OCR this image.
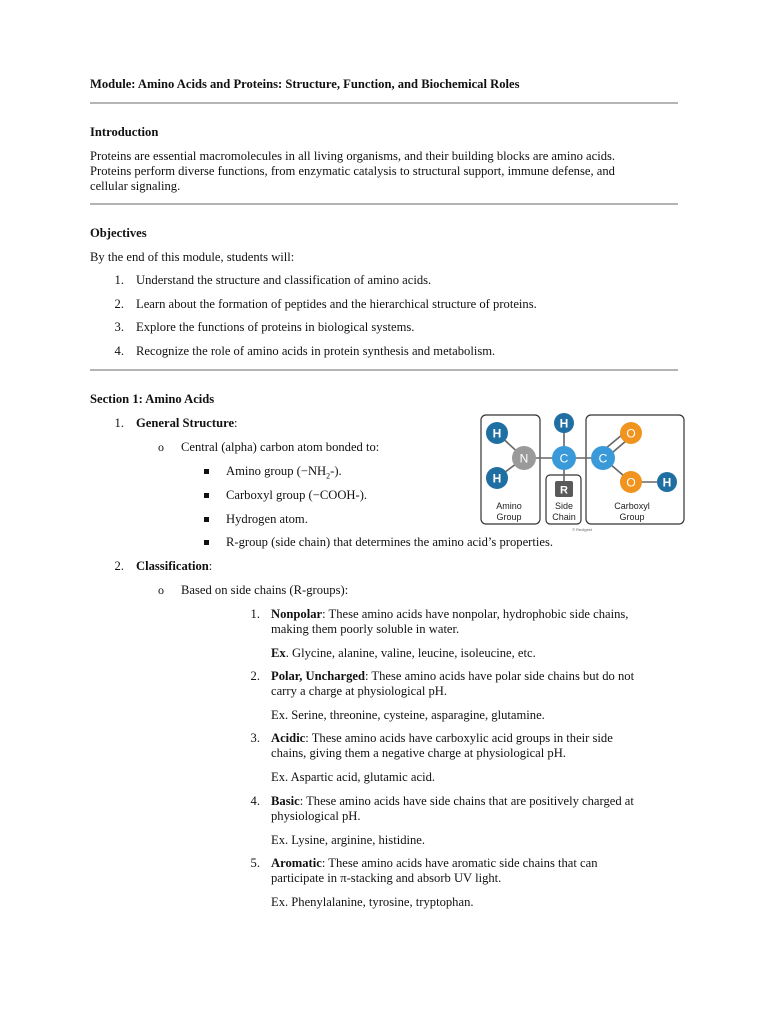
Module: Amino Acids and Proteins: Structure, Function, and Biochemical Roles
Introduction
Proteins are essential macromolecules in all living organisms, and their building blocks are amino acids.
Proteins perform diverse functions, from enzymatic catalysis to structural support, immune defense, and
cellular signaling.
Objectives
By the end of this module, students will:
1. Understand the structure and classification of amino acids.
2. Learn about the formation of peptides and the hierarchical structure of proteins.
3. Explore the functions of proteins in biological systems.
4. Recognize the role of amino acids in protein synthesis and metabolism.
Section 1: Amino Acids
1. General Structure:
o Central (alpha) carbon atom bonded to:
Amino group $(-NH_2-)$.
Carboxyl group (−COOH-).
Hydrogen atom.
R-group (side chain) that determines the amino acid’s properties.
H
H
N
H
C
R
C
O
O H
Amino
Group
Side
Chain
Carboxyl
Group
© Redigest
2. Classification:
o Based on side chains (R-groups):
1. Nonpolar: These amino acids have nonpolar, hydrophobic side chains,
making them poorly soluble in water.
Ex. Glycine, alanine, valine, leucine, isoleucine, etc.
2. Polar, Uncharged: These amino acids have polar side chains but do not
carry a charge at physiological pH.
Ex. Serine, threonine, cysteine, asparagine, glutamine.
3. Acidic: These amino acids have carboxylic acid groups in their side
chains, giving them a negative charge at physiological pH.
Ex. Aspartic acid, glutamic acid.
4. Basic: These amino acids have side chains that are positively charged at
physiological pH.
Ex. Lysine, arginine, histidine.
5. Aromatic: These amino acids have aromatic side chains that can
participate in π-stacking and absorb UV light.
Ex. Phenylalanine, tyrosine, tryptophan.
